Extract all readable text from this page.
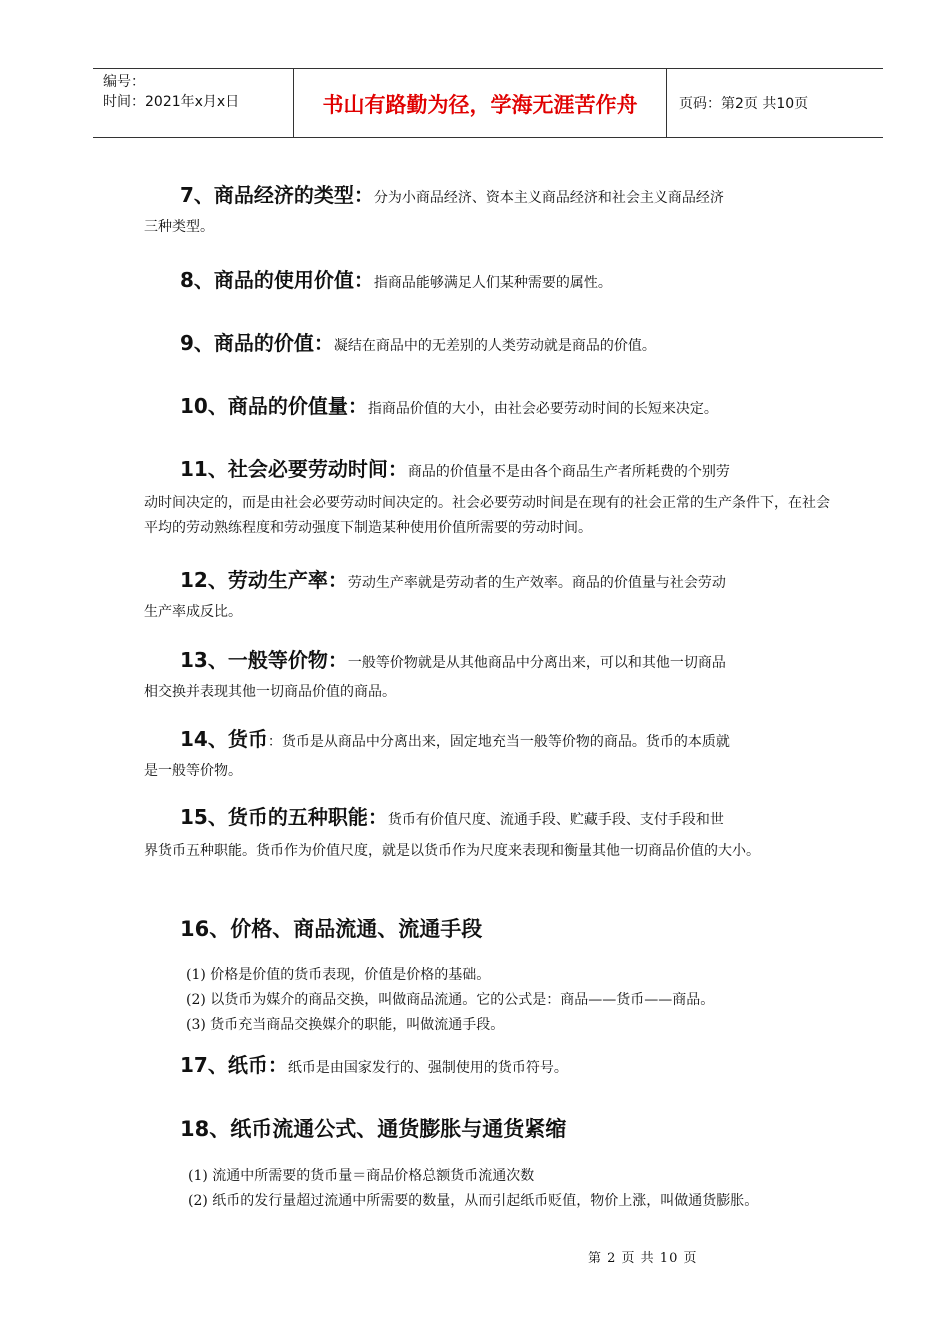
编号：
时间：2021年x月x日	书山有路勤为径，学海无涯苦作舟	页码：第2页 共10页
7、商品经济的类型：分为小商品经济、资本主义商品经济和社会主义商品经济
三种类型。
8、商品的使用价值：指商品能够满足人们某种需要的属性。
9、商品的价值：凝结在商品中的无差别的人类劳动就是商品的价值。
10、商品的价值量：指商品价值的大小，由社会必要劳动时间的长短来决定。
11、社会必要劳动时间：商品的价值量不是由各个商品生产者所耗费的个别劳
动时间决定的，而是由社会必要劳动时间决定的。社会必要劳动时间是在现有的社会正常的生产条件下，在社会平均的劳动熟练程度和劳动强度下制造某种使用价值所需要的劳动时间。
12、劳动生产率：劳动生产率就是劳动者的生产效率。商品的价值量与社会劳动
生产率成反比。
13、一般等价物：一般等价物就是从其他商品中分离出来，可以和其他一切商品
相交换并表现其他一切商品价值的商品。
14、货币：货币是从商品中分离出来，固定地充当一般等价物的商品。货币的本质就
是一般等价物。
15、货币的五种职能：货币有价值尺度、流通手段、贮藏手段、支付手段和世
界货币五种职能。货币作为价值尺度，就是以货币作为尺度来表现和衡量其他一切商品价值的大小。
16、价格、商品流通、流通手段
(1) 价格是价值的货币表现，价值是价格的基础。
(2) 以货币为媒介的商品交换，叫做商品流通。它的公式是：商品——货币——商品。
(3) 货币充当商品交换媒介的职能，叫做流通手段。
17、纸币：纸币是由国家发行的、强制使用的货币符号。
18、纸币流通公式、通货膨胀与通货紧缩
(1) 流通中所需要的货币量＝商品价格总额货币流通次数
(2) 纸币的发行量超过流通中所需要的数量，从而引起纸币贬值，物价上涨，叫做通货膨胀。
第 2 页 共 10 页
